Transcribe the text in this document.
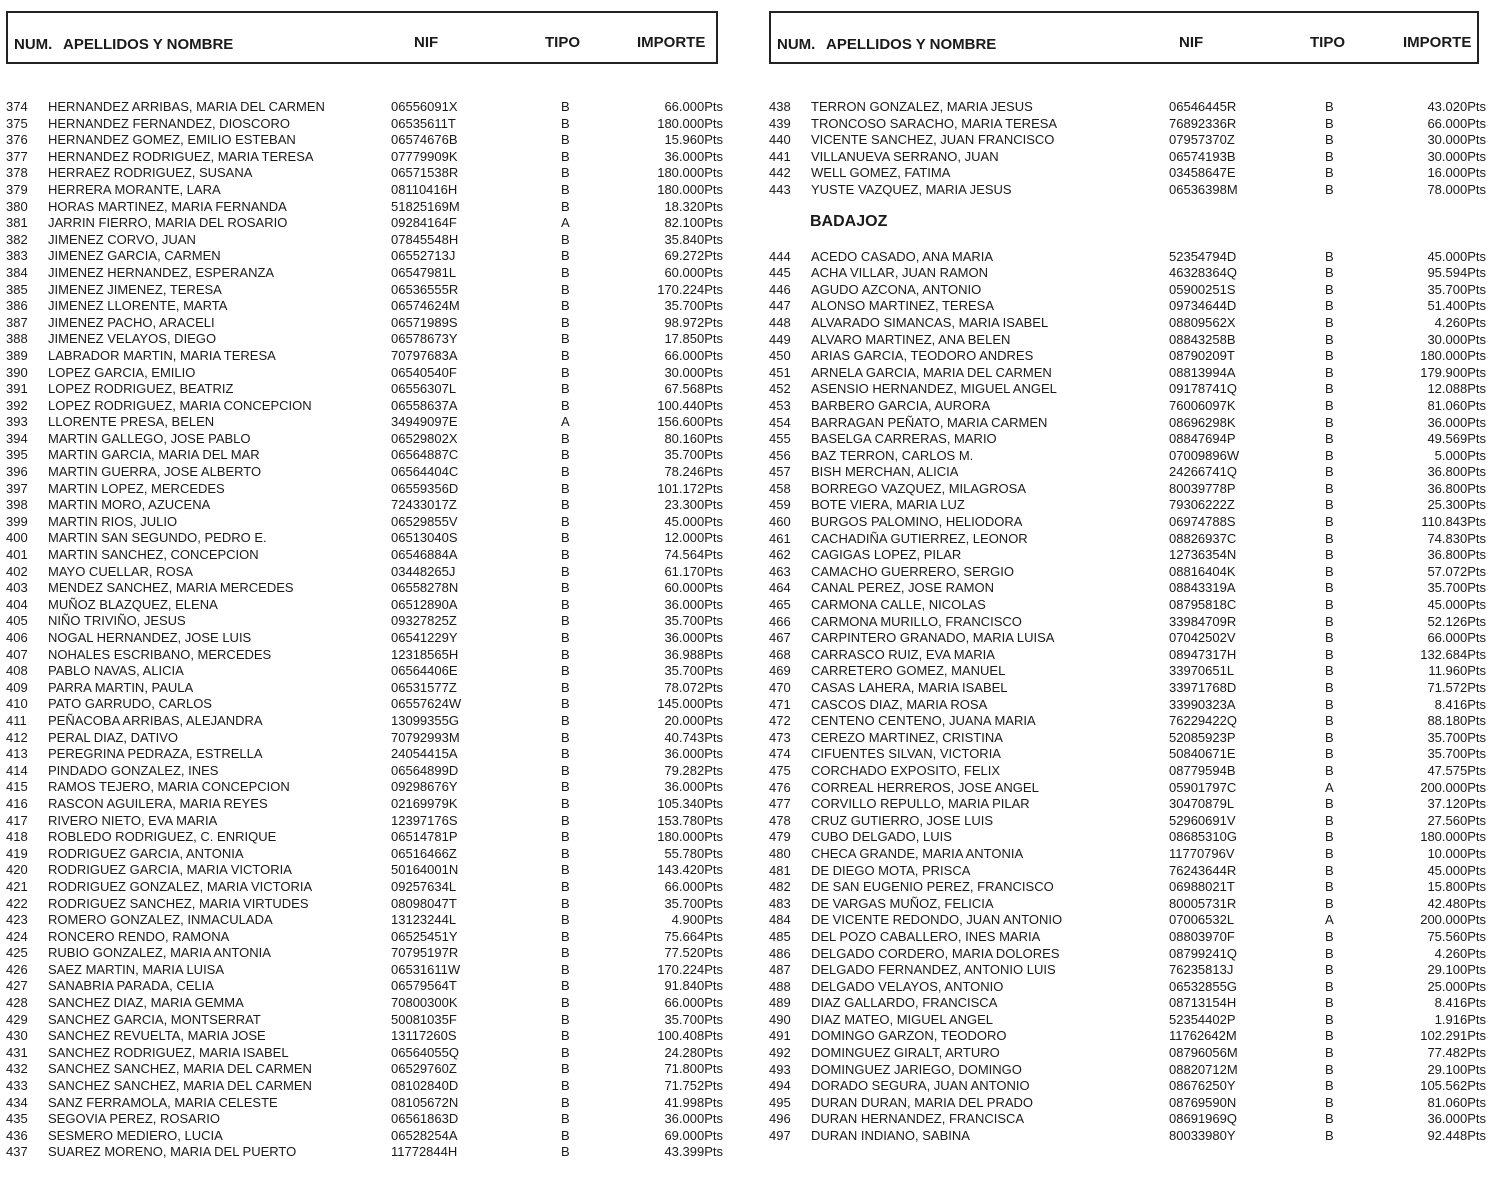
NUM. APELLIDOS Y NOMBRE	NIF	TIPO	IMPORTE
374 HERNANDEZ ARRIBAS, MARIA DEL CARMEN	06556091X	B	66.000Pts
375 HERNANDEZ FERNANDEZ, DIOSCORO	06535611T	B	180.000Pts
376 HERNANDEZ GOMEZ, EMILIO ESTEBAN	06574676B	B	15.960Pts
377 HERNANDEZ RODRIGUEZ, MARIA TERESA	07779909K	B	36.000Pts
378 HERRAEZ RODRIGUEZ, SUSANA	06571538R	B	180.000Pts
379 HERRERA MORANTE, LARA	08110416H	B	180.000Pts
380 HORAS MARTINEZ, MARIA FERNANDA	51825169M	B	18.320Pts
381 JARRIN FIERRO, MARIA DEL ROSARIO	09284164F	A	82.100Pts
382 JIMENEZ CORVO, JUAN	07845548H	B	35.840Pts
383 JIMENEZ GARCIA, CARMEN	06552713J	B	69.272Pts
384 JIMENEZ HERNANDEZ, ESPERANZA	06547981L	B	60.000Pts
385 JIMENEZ JIMENEZ, TERESA	06536555R	B	170.224Pts
386 JIMENEZ LLORENTE, MARTA	06574624M	B	35.700Pts
387 JIMENEZ PACHO, ARACELI	06571989S	B	98.972Pts
388 JIMENEZ VELAYOS, DIEGO	06578673Y	B	17.850Pts
389 LABRADOR MARTIN, MARIA TERESA	70797683A	B	66.000Pts
390 LOPEZ GARCIA, EMILIO	06540540F	B	30.000Pts
391 LOPEZ RODRIGUEZ, BEATRIZ	06556307L	B	67.568Pts
392 LOPEZ RODRIGUEZ, MARIA CONCEPCION	06558637A	B	100.440Pts
393 LLORENTE PRESA, BELEN	34949097E	A	156.600Pts
394 MARTIN GALLEGO, JOSE PABLO	06529802X	B	80.160Pts
395 MARTIN GARCIA, MARIA DEL MAR	06564887C	B	35.700Pts
396 MARTIN GUERRA, JOSE ALBERTO	06564404C	B	78.246Pts
397 MARTIN LOPEZ, MERCEDES	06559356D	B	101.172Pts
398 MARTIN MORO, AZUCENA	72433017Z	B	23.300Pts
399 MARTIN RIOS, JULIO	06529855V	B	45.000Pts
400 MARTIN SAN SEGUNDO, PEDRO E.	06513040S	B	12.000Pts
401 MARTIN SANCHEZ, CONCEPCION	06546884A	B	74.564Pts
402 MAYO CUELLAR, ROSA	03448265J	B	61.170Pts
403 MENDEZ SANCHEZ, MARIA MERCEDES	06558278N	B	60.000Pts
404 MUÑOZ BLAZQUEZ, ELENA	06512890A	B	36.000Pts
405 NIÑO TRIVIÑO, JESUS	09327825Z	B	35.700Pts
406 NOGAL HERNANDEZ, JOSE LUIS	06541229Y	B	36.000Pts
407 NOHALES ESCRIBANO, MERCEDES	12318565H	B	36.988Pts
408 PABLO NAVAS, ALICIA	06564406E	B	35.700Pts
409 PARRA MARTIN, PAULA	06531577Z	B	78.072Pts
410 PATO GARRUDO, CARLOS	06557624W	B	145.000Pts
411 PEÑACOBA ARRIBAS, ALEJANDRA	13099355G	B	20.000Pts
412 PERAL DIAZ, DATIVO	70792993M	B	40.743Pts
413 PEREGRINA PEDRAZA, ESTRELLA	24054415A	B	36.000Pts
414 PINDADO GONZALEZ, INES	06564899D	B	79.282Pts
415 RAMOS TEJERO, MARIA CONCEPCION	09298676Y	B	36.000Pts
416 RASCON AGUILERA, MARIA REYES	02169979K	B	105.340Pts
417 RIVERO NIETO, EVA MARIA	12397176S	B	153.780Pts
418 ROBLEDO RODRIGUEZ, C. ENRIQUE	06514781P	B	180.000Pts
419 RODRIGUEZ GARCIA, ANTONIA	06516466Z	B	55.780Pts
420 RODRIGUEZ GARCIA, MARIA VICTORIA	50164001N	B	143.420Pts
421 RODRIGUEZ GONZALEZ, MARIA VICTORIA	09257634L	B	66.000Pts
422 RODRIGUEZ SANCHEZ, MARIA VIRTUDES	08098047T	B	35.700Pts
423 ROMERO GONZALEZ, INMACULADA	13123244L	B	4.900Pts
424 RONCERO RENDO, RAMONA	06525451Y	B	75.664Pts
425 RUBIO GONZALEZ, MARIA ANTONIA	70795197R	B	77.520Pts
426 SAEZ MARTIN, MARIA LUISA	06531611W	B	170.224Pts
427 SANABRIA PARADA, CELIA	06579564T	B	91.840Pts
428 SANCHEZ DIAZ, MARIA GEMMA	70800300K	B	66.000Pts
429 SANCHEZ GARCIA, MONTSERRAT	50081035F	B	35.700Pts
430 SANCHEZ REVUELTA, MARIA JOSE	13117260S	B	100.408Pts
431 SANCHEZ RODRIGUEZ, MARIA ISABEL	06564055Q	B	24.280Pts
432 SANCHEZ SANCHEZ, MARIA DEL CARMEN	06529760Z	B	71.800Pts
433 SANCHEZ SANCHEZ, MARIA DEL CARMEN	08102840D	B	71.752Pts
434 SANZ FERRAMOLA, MARIA CELESTE	08105672N	B	41.998Pts
435 SEGOVIA PEREZ, ROSARIO	06561863D	B	36.000Pts
436 SESMERO MEDIERO, LUCIA	06528254A	B	69.000Pts
437 SUAREZ MORENO, MARIA DEL PUERTO	11772844H	B	43.399Pts
NUM. APELLIDOS Y NOMBRE	NIF	TIPO	IMPORTE
438 TERRON GONZALEZ, MARIA JESUS	06546445R	B	43.020Pts
439 TRONCOSO SARACHO, MARIA TERESA	76892336R	B	66.000Pts
440 VICENTE SANCHEZ, JUAN FRANCISCO	07957370Z	B	30.000Pts
441 VILLANUEVA SERRANO, JUAN	06574193B	B	30.000Pts
442 WELL GOMEZ, FATIMA	03458647E	B	16.000Pts
443 YUSTE VAZQUEZ, MARIA JESUS	06536398M	B	78.000Pts
BADAJOZ
444 ACEDO CASADO, ANA MARIA	52354794D	B	45.000Pts
445 ACHA VILLAR, JUAN RAMON	46328364Q	B	95.594Pts
446 AGUDO AZCONA, ANTONIO	05900251S	B	35.700Pts
447 ALONSO MARTINEZ, TERESA	09734644D	B	51.400Pts
448 ALVARADO SIMANCAS, MARIA ISABEL	08809562X	B	4.260Pts
449 ALVARO MARTINEZ, ANA BELEN	08843258B	B	30.000Pts
450 ARIAS GARCIA, TEODORO ANDRES	08790209T	B	180.000Pts
451 ARNELA GARCIA, MARIA DEL CARMEN	08813994A	B	179.900Pts
452 ASENSIO HERNANDEZ, MIGUEL ANGEL	09178741Q	B	12.088Pts
453 BARBERO GARCIA, AURORA	76006097K	B	81.060Pts
454 BARRAGAN PEÑATO, MARIA CARMEN	08696298K	B	36.000Pts
455 BASELGA CARRERAS, MARIO	08847694P	B	49.569Pts
456 BAZ TERRON, CARLOS M.	07009896W	B	5.000Pts
457 BISH MERCHAN, ALICIA	24266741Q	B	36.800Pts
458 BORREGO VAZQUEZ, MILAGROSA	80039778P	B	36.800Pts
459 BOTE VIERA, MARIA LUZ	79306222Z	B	25.300Pts
460 BURGOS PALOMINO, HELIODORA	06974788S	B	110.843Pts
461 CACHADIÑA GUTIERREZ, LEONOR	08826937C	B	74.830Pts
462 CAGIGAS LOPEZ, PILAR	12736354N	B	36.800Pts
463 CAMACHO GUERRERO, SERGIO	08816404K	B	57.072Pts
464 CANAL PEREZ, JOSE RAMON	08843319A	B	35.700Pts
465 CARMONA CALLE, NICOLAS	08795818C	B	45.000Pts
466 CARMONA MURILLO, FRANCISCO	33984709R	B	52.126Pts
467 CARPINTERO GRANADO, MARIA LUISA	07042502V	B	66.000Pts
468 CARRASCO RUIZ, EVA MARIA	08947317H	B	132.684Pts
469 CARRETERO GOMEZ, MANUEL	33970651L	B	11.960Pts
470 CASAS LAHERA, MARIA ISABEL	33971768D	B	71.572Pts
471 CASCOS DIAZ, MARIA ROSA	33990323A	B	8.416Pts
472 CENTENO CENTENO, JUANA MARIA	76229422Q	B	88.180Pts
473 CEREZO MARTINEZ, CRISTINA	52085923P	B	35.700Pts
474 CIFUENTES SILVAN, VICTORIA	50840671E	B	35.700Pts
475 CORCHADO EXPOSITO, FELIX	08779594B	B	47.575Pts
476 CORREAL HERREROS, JOSE ANGEL	05901797C	A	200.000Pts
477 CORVILLO REPULLO, MARIA PILAR	30470879L	B	37.120Pts
478 CRUZ GUTIERRO, JOSE LUIS	52960691V	B	27.560Pts
479 CUBO DELGADO, LUIS	08685310G	B	180.000Pts
480 CHECA GRANDE, MARIA ANTONIA	11770796V	B	10.000Pts
481 DE DIEGO MOTA, PRISCA	76243644R	B	45.000Pts
482 DE SAN EUGENIO PEREZ, FRANCISCO	06988021T	B	15.800Pts
483 DE VARGAS MUÑOZ, FELICIA	80005731R	B	42.480Pts
484 DE VICENTE REDONDO, JUAN ANTONIO	07006532L	A	200.000Pts
485 DEL POZO CABALLERO, INES MARIA	08803970F	B	75.560Pts
486 DELGADO CORDERO, MARIA DOLORES	08799241Q	B	4.260Pts
487 DELGADO FERNANDEZ, ANTONIO LUIS	76235813J	B	29.100Pts
488 DELGADO VELAYOS, ANTONIO	06532855G	B	25.000Pts
489 DIAZ GALLARDO, FRANCISCA	08713154H	B	8.416Pts
490 DIAZ MATEO, MIGUEL ANGEL	52354402P	B	1.916Pts
491 DOMINGO GARZON, TEODORO	11762642M	B	102.291Pts
492 DOMINGUEZ GIRALT, ARTURO	08796056M	B	77.482Pts
493 DOMINGUEZ JARIEGO, DOMINGO	08820712M	B	29.100Pts
494 DORADO SEGURA, JUAN ANTONIO	08676250Y	B	105.562Pts
495 DURAN DURAN, MARIA DEL PRADO	08769590N	B	81.060Pts
496 DURAN HERNANDEZ, FRANCISCA	08691969Q	B	36.000Pts
497 DURAN INDIANO, SABINA	80033980Y	B	92.448Pts
